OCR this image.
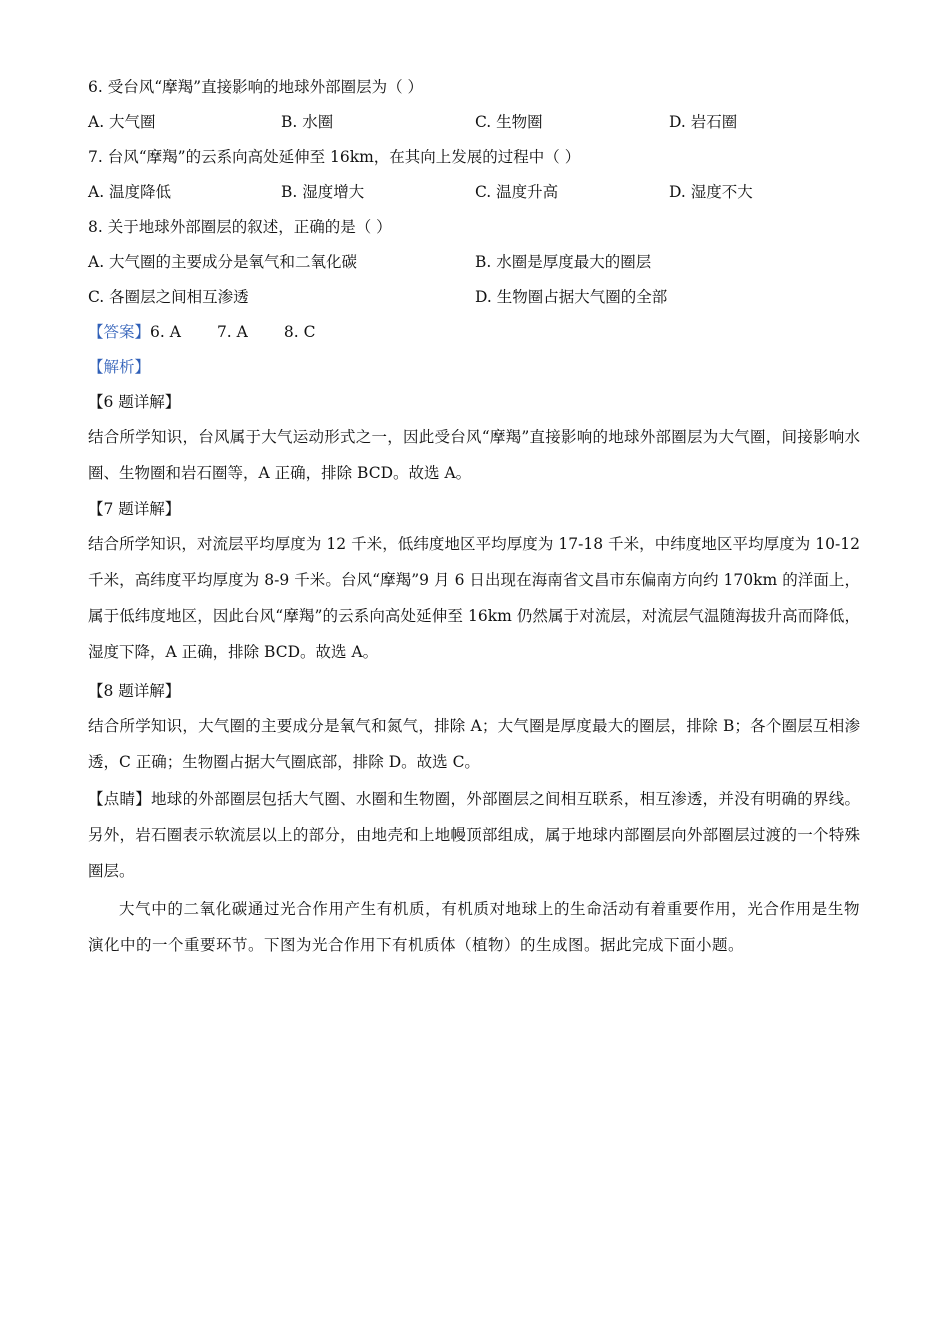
6. 受台风“摩羯”直接影响的地球外部圈层为（ ）
A. 大气圈	B. 水圈	C. 生物圈	D. 岩石圈
7. 台风“摩羯”的云系向高处延伸至 16km，在其向上发展的过程中（ ）
A. 温度降低	B. 湿度增大	C. 温度升高	D. 湿度不大
8. 关于地球外部圈层的叙述，正确的是（ ）
A. 大气圈的主要成分是氧气和二氧化碳	B. 水圈是厚度最大的圈层
C. 各圈层之间相互渗透	D. 生物圈占据大气圈的全部
【答案】6. A 7. A 8. C
【解析】
【6 题详解】
结合所学知识，台风属于大气运动形式之一，因此受台风“摩羯”直接影响的地球外部圈层为大气圈，间接影响水圈、生物圈和岩石圈等，A 正确，排除 BCD。故选 A。
【7 题详解】
结合所学知识，对流层平均厚度为 12 千米，低纬度地区平均厚度为 17-18 千米，中纬度地区平均厚度为 10-12 千米，高纬度平均厚度为 8-9 千米。台风“摩羯”9 月 6 日出现在海南省文昌市东偏南方向约 170km 的洋面上，属于低纬度地区，因此台风“摩羯”的云系向高处延伸至 16km 仍然属于对流层，对流层气温随海拔升高而降低，湿度下降，A 正确，排除 BCD。故选 A。
【8 题详解】
结合所学知识，大气圈的主要成分是氧气和氮气，排除 A；大气圈是厚度最大的圈层，排除 B；各个圈层互相渗透，C 正确；生物圈占据大气圈底部，排除 D。故选 C。
【点睛】地球的外部圈层包括大气圈、水圈和生物圈，外部圈层之间相互联系，相互渗透，并没有明确的界线。另外，岩石圈表示软流层以上的部分，由地壳和上地幔顶部组成，属于地球内部圈层向外部圈层过渡的一个特殊圈层。
大气中的二氧化碳通过光合作用产生有机质，有机质对地球上的生命活动有着重要作用，光合作用是生物演化中的一个重要环节。下图为光合作用下有机质体（植物）的生成图。据此完成下面小题。
